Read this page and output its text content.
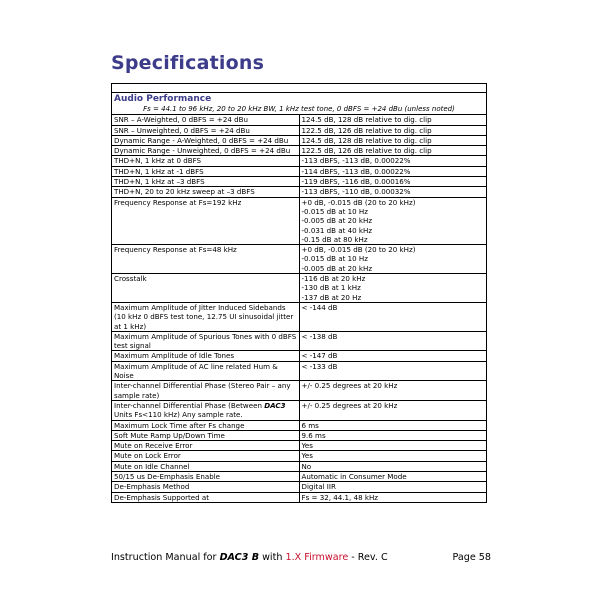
Specifications

Audio Performance	
Fs = 44.1 to 96 kHz, 20 to 20 kHz BW, 1 kHz test tone, 0 dBFS = +24 dBu (unless noted)	
SNR – A-Weighted, 0 dBFS = +24 dBu	124.5 dB, 128 dB relative to dig. clip

SNR – Unweighted, 0 dBFS = +24 dBu	122.5 dB, 126 dB relative to dig. clip

Dynamic Range - A-Weighted, 0 dBFS = +24 dBu	124.5 dB, 128 dB relative to dig. clip

Dynamic Range - Unweighted, 0 dBFS = +24 dBu	122.5 dB, 126 dB relative to dig. clip

THD+N, 1 kHz at 0 dBFS	-113 dBFS, -113 dB, 0.00022%

THD+N, 1 kHz at -1 dBFS	-114 dBFS, -113 dB, 0.00022%

THD+N, 1 kHz at –3 dBFS	-119 dBFS, -116 dB, 0.00016%

THD+N, 20 to 20 kHz sweep at –3 dBFS	-113 dBFS, -110 dB, 0.00032%

Frequency Response at Fs=192 kHz	+0 dB, -0.015 dB (20 to 20 kHz)
-0.015 dB at 10 Hz
-0.005 dB at 20 kHz
-0.031 dB at 40 kHz
-0.15 dB at 80 kHz

Frequency Response at Fs=48 kHz	+0 dB, -0.015 dB (20 to 20 kHz)
-0.015 dB at 10 Hz
-0.005 dB at 20 kHz

Crosstalk	-116 dB at 20 kHz
-130 dB at 1 kHz
-137 dB at 20 Hz

Maximum Amplitude of Jitter Induced Sidebands (10 kHz 0 dBFS test tone, 12.75 UI sinusoidal jitter at 1 kHz)	< -144 dB

Maximum Amplitude of Spurious Tones with 0 dBFS test signal	< -138 dB

Maximum Amplitude of Idle Tones	< -147 dB

Maximum Amplitude of AC line related Hum & Noise	< -133 dB

Inter-channel Differential Phase (Stereo Pair – any sample rate)	+/- 0.25 degrees at 20 kHz

Inter-channel Differential Phase (Between DAC3 Units Fs<110 kHz) Any sample rate.	+/- 0.25 degrees at 20 kHz

Maximum Lock Time after Fs change	6 ms

Soft Mute Ramp Up/Down Time	9.6 ms

Mute on Receive Error	Yes

Mute on Lock Error	Yes

Mute on Idle Channel	No

50/15 us De-Emphasis Enable	Automatic in Consumer Mode

De-Emphasis Method	Digital IIR

De-Emphasis Supported at	Fs = 32, 44.1, 48 kHz
Instruction Manual for DAC3 B with 1.X Firmware - Rev. C	Page 58
